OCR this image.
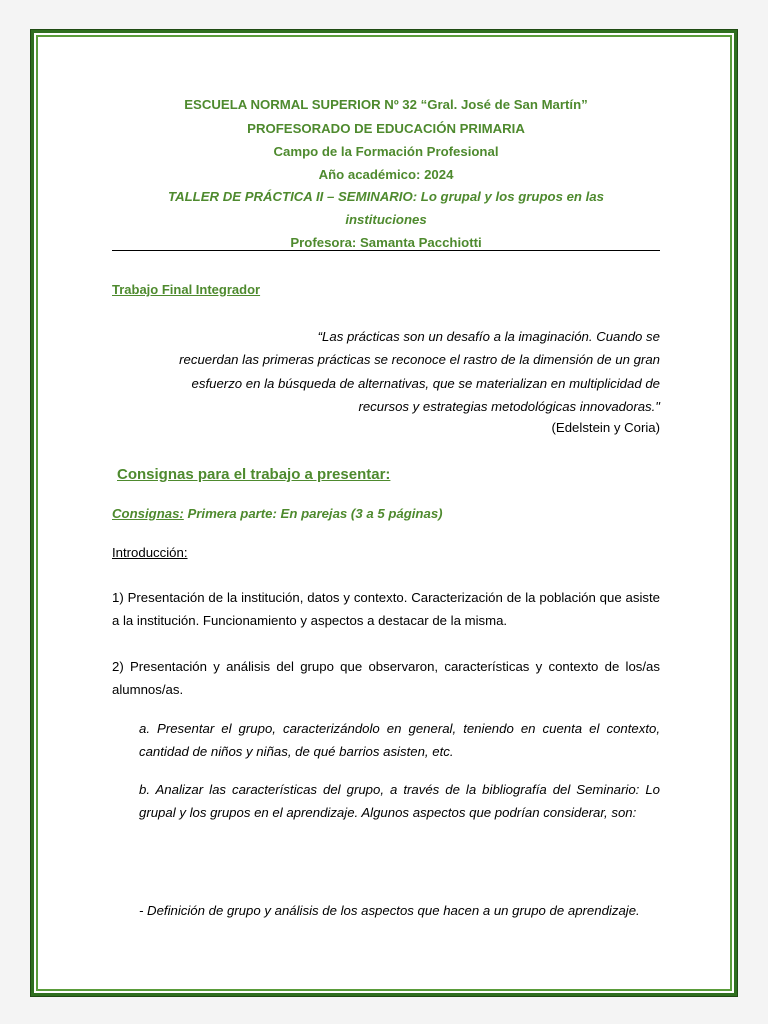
ESCUELA NORMAL SUPERIOR Nº 32 “Gral. José de San Martín”
PROFESORADO DE EDUCACIÓN PRIMARIA
Campo de la Formación Profesional
Año académico: 2024
TALLER DE PRÁCTICA II – SEMINARIO: Lo grupal y los grupos en las
instituciones
Profesora: Samanta Pacchiotti
Trabajo Final Integrador
“Las prácticas son un desafío a la imaginación. Cuando se
recuerdan las primeras prácticas se reconoce el rastro de la dimensión de un gran
esfuerzo en la búsqueda de alternativas, que se materializan en multiplicidad de
recursos y estrategias metodológicas innovadoras."
(Edelstein y Coria)
Consignas para el trabajo a presentar:
Consignas: Primera parte: En parejas (3 a 5 páginas)
Introducción:
1) Presentación de la institución, datos y contexto. Caracterización de la población que asiste a la institución. Funcionamiento y aspectos a destacar de la misma.
2) Presentación y análisis del grupo que observaron, características y contexto de los/as alumnos/as.
a. Presentar el grupo, caracterizándolo en general, teniendo en cuenta el contexto, cantidad de niños y niñas, de qué barrios asisten, etc.
b. Analizar las características del grupo, a través de la bibliografía del Seminario: Lo grupal y los grupos en el aprendizaje. Algunos aspectos que podrían considerar, son:
- Definición de grupo y análisis de los aspectos que hacen a un grupo de aprendizaje.
